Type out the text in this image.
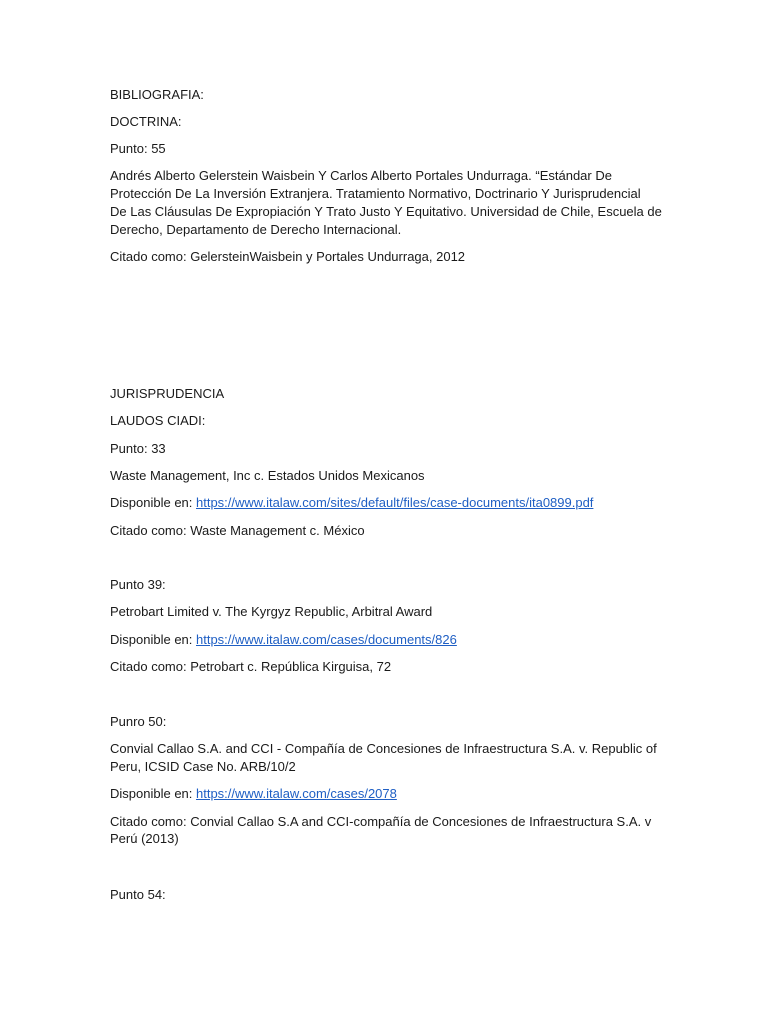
BIBLIOGRAFIA:

DOCTRINA:

Punto: 55

Andrés Alberto Gelerstein Waisbein Y Carlos Alberto Portales Undurraga. “Estándar De

Protección De La Inversión Extranjera. Tratamiento Normativo, Doctrinario Y Jurisprudencial

De Las Cláusulas De Expropiación Y Trato Justo Y Equitativo. Universidad de Chile, Escuela de

Derecho, Departamento de Derecho Internacional.

Citado como: GelersteinWaisbein y Portales Undurraga, 2012

JURISPRUDENCIA

LAUDOS CIADI:

Punto: 33

Waste Management, Inc c. Estados Unidos Mexicanos

Disponible en: https://www.italaw.com/sites/default/files/case-documents/ita0899.pdf

Citado como: Waste Management c. México

Punto 39:

Petrobart Limited v. The Kyrgyz Republic, Arbitral Award

Disponible en: https://www.italaw.com/cases/documents/826

Citado como: Petrobart c. República Kirguisa, 72

Punro 50:

Convial Callao S.A. and CCI - Compañía de Concesiones de Infraestructura S.A. v. Republic of

Peru, ICSID Case No. ARB/10/2

Disponible en: https://www.italaw.com/cases/2078

Citado como: Convial Callao S.A and CCI-compañía de Concesiones de Infraestructura S.A. v

Perú (2013)

Punto 54:
